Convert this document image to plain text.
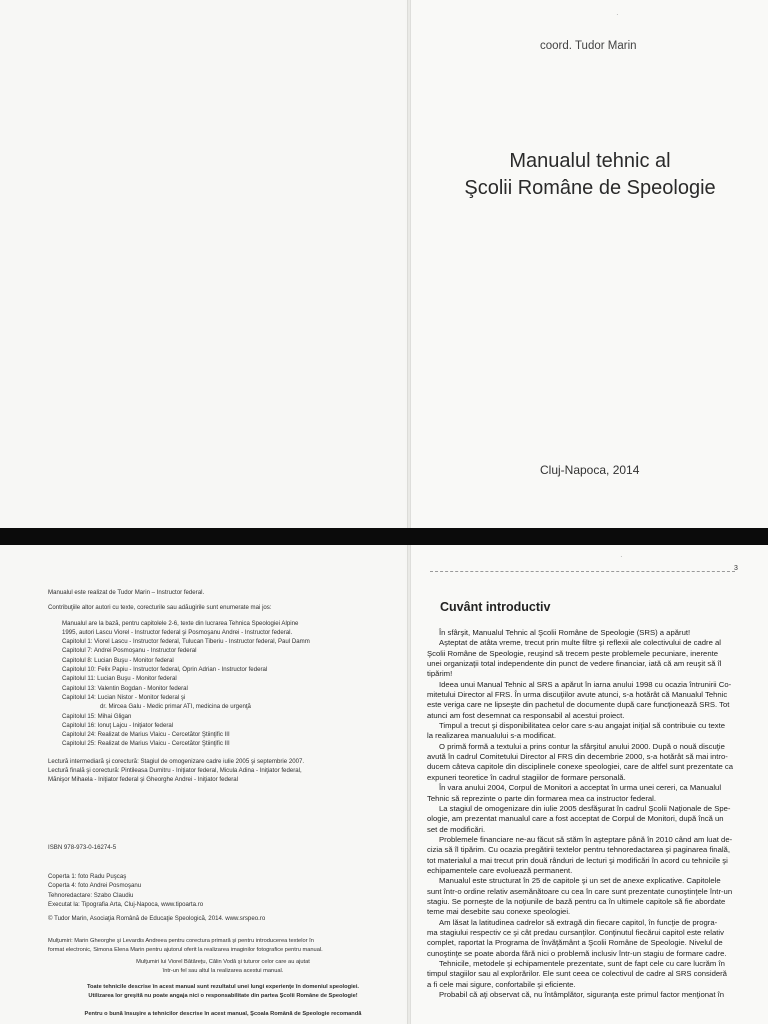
·
coord. Tudor Marin
Manualul tehnic al
Şcolii Române de Speologie
Cluj-Napoca, 2014

Manualul este realizat de Tudor Marin – Instructor federal.

Contribuţiile altor autori cu texte, corecturile sau adăugirile sunt enumerate mai jos:

Manualul are la bază, pentru capitolele 2-6, texte din lucrarea Tehnica Speologiei Alpine

1995, autori Lascu Viorel - Instructor federal şi Posmoşanu Andrei - Instructor federal.

Capitolul 1: Viorel Lascu - Instructor federal, Tulucan Tiberiu - Instructor federal, Paul Damm

Capitolul 7: Andrei Posmoşanu - Instructor federal

Capitolul 8: Lucian Buşu - Monitor federal

Capitolul 10: Felix Papiu - Instructor federal, Oprin Adrian - Instructor federal

Capitolul 11: Lucian Buşu - Monitor federal

Capitolul 13: Valentin Bogdan - Monitor federal

Capitolul 14: Lucian Nistor - Monitor federal şi

dr. Mircea Galu - Medic primar ATI, medicina de urgenţă

Capitolul 15: Mihai Gligan

Capitolul 16: Ionuţ Lajcu - Iniţiator federal

Capitolul 24: Realizat de Marius Vlaicu - Cercetător Ştiinţific III

Capitolul 25: Realizat de Marius Vlaicu - Cercetător Ştiinţific III

Lectură intermediară şi corectură: Stagiul de omogenizare cadre iulie 2005 şi septembrie 2007.

Lectură finală şi corectură: Pintileasa Dumitru - Iniţiator federal, Micula Adina - Iniţiator federal,

Mănişor Mihaela - Iniţiator federal şi Gheorghe Andrei - Iniţiator federal

ISBN 978-973-0-16274-5

Coperta 1: foto Radu Puşcaş

Coperta 4: foto Andrei Posmoşanu

Tehnoredactare: Szabo Claudiu

Executat la: Tipografia Arta, Cluj-Napoca, www.tipoarta.ro

© Tudor Marin, Asociaţia Română de Educaţie Speologică, 2014. www.srspeo.ro

Mulţumiri: Marin Gheorghe şi Levardis Andreea pentru corectura primară şi pentru introducerea textelor în

format electronic, Simona Elena Marin pentru ajutorul oferit la realizarea imaginilor fotografice pentru manual.

Mulţumiri lui Viorel Bătăreţu, Călin Vodă şi tuturor celor care au ajutat

într-un fel sau altul la realizarea acestui manual.

Toate tehnicile descrise în acest manual sunt rezultatul unei lungi experienţe în domeniul speologiei.

Utilizarea lor greşită nu poate angaja nici o responsabilitate din partea Şcolii Române de Speologie!

Pentru o bună însuşire a tehnicilor descrise în acest manual, Şcoala Română de Speologie recomandă

·
3
Cuvânt introductiv
În sfârşit, Manualul Tehnic al Şcolii Române de Speologie (SRS) a apărut!
Aşteptat de atâta vreme, trecut prin multe filtre şi reflexii ale colectivului de cadre al
Şcolii Române de Speologie, reuşind să trecem peste problemele pecuniare, inerente
unei organizaţii total independente din punct de vedere financiar, iată că am reuşit să îl
tipărim!
Ideea unui Manual Tehnic al SRS a apărut în iarna anului 1998 cu ocazia întrunirii Co-
mitetului Director al FRS. În urma discuţiilor avute atunci, s-a hotărât că Manualul Tehnic
este veriga care ne lipseşte din pachetul de documente după care funcţionează SRS. Tot
atunci am fost desemnat ca responsabil al acestui proiect.
Timpul a trecut şi disponibilitatea celor care s-au angajat iniţial să contribuie cu texte
la realizarea manualului s-a modificat.
O primă formă a textului a prins contur la sfârşitul anului 2000. După o nouă discuţie
avută în cadrul Comitetului Director al FRS din decembrie 2000, s-a hotărât să mai intro-
ducem câteva capitole din disciplinele conexe speologiei, care de altfel sunt prezentate ca
expuneri teoretice în cadrul stagiilor de formare personală.
În vara anului 2004, Corpul de Monitori a acceptat în urma unei cereri, ca Manualul
Tehnic să reprezinte o parte din formarea mea ca instructor federal.
La stagiul de omogenizare din iulie 2005 desfăşurat în cadrul Şcolii Naţionale de Spe-
ologie, am prezentat manualul care a fost acceptat de Corpul de Monitori, după încă un
set de modificări.
Problemele financiare ne-au făcut să stăm în aşteptare până în 2010 când am luat de-
cizia să îl tipărim. Cu ocazia pregătirii textelor pentru tehnoredactarea şi paginarea finală,
tot materialul a mai trecut prin două rânduri de lecturi şi modificări în acord cu tehnicile şi
echipamentele care evoluează permanent.
Manualul este structurat în 25 de capitole şi un set de anexe explicative. Capitolele
sunt într-o ordine relativ asemănătoare cu cea în care sunt prezentate cunoştinţele într-un
stagiu. Se porneşte de la noţiunile de bază pentru ca în ultimele capitole să fie abordate
teme mai desebite sau conexe speologiei.
Am lăsat la latitudinea cadrelor să extragă din fiecare capitol, în funcţie de progra-
ma stagiului respectiv ce şi cât predau cursanţilor. Conţinutul fiecărui capitol este relativ
complet, raportat la Programa de învăţământ a Şcolii Române de Speologie. Nivelul de
cunoştinţe se poate aborda fără nici o problemă inclusiv într-un stagiu de formare cadre.
Tehnicile, metodele şi echipamentele prezentate, sunt de fapt cele cu care lucrăm în
timpul stagiilor sau al explorărilor. Ele sunt ceea ce colectivul de cadre al SRS consideră
a fi cele mai sigure, confortabile şi eficiente.
Probabil că aţi observat că, nu întâmplător, siguranţa este primul factor menţionat în
